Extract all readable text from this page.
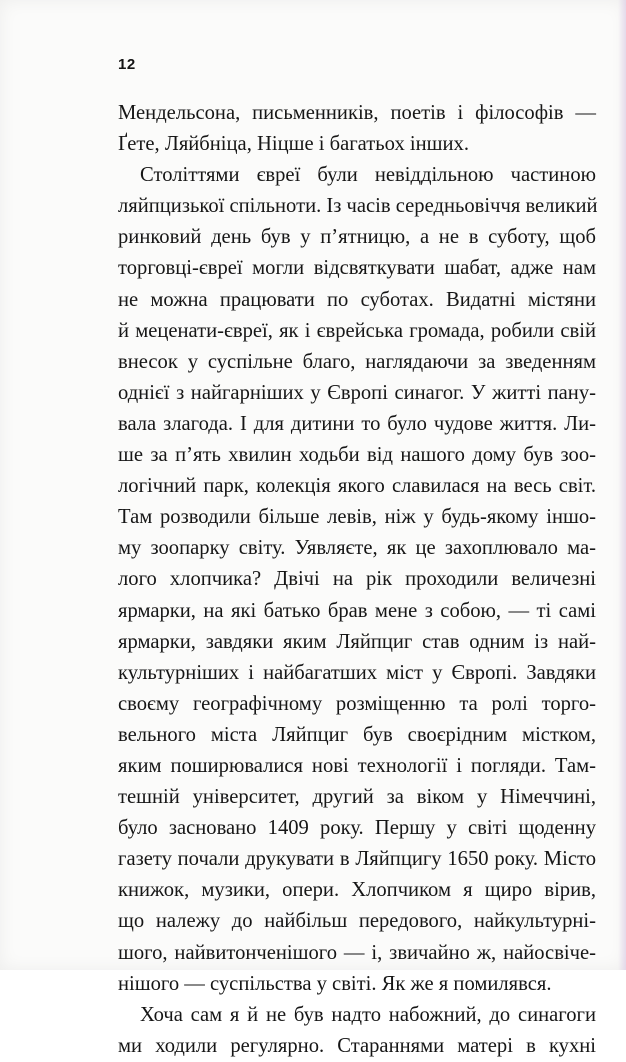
12
Мендельсона, письменників, поетів і філософів —
Ґете, Ляйбніца, Ніцше і багатьох інших.
Століттями євреї були невіддільною частиною
ляйпцизької спільноти. Із часів середньовіччя великий
ринковий день був у п’ятницю, а не в суботу, щоб
торговці-євреї могли відсвяткувати шабат, адже нам
не можна працювати по суботах. Видатні містяни
й меценати-євреї, як і єврейська громада, робили свій
внесок у суспільне благо, наглядаючи за зведенням
однієї з найгарніших у Європі синагог. У житті пану-
вала злагода. І для дитини то було чудове життя. Ли-
ше за п’ять хвилин ходьби від нашого дому був зоо-
логічний парк, колекція якого славилася на весь світ.
Там розводили більше левів, ніж у будь-якому іншо-
му зоопарку світу. Уявляєте, як це захоплювало ма-
лого хлопчика? Двічі на рік проходили величезні
ярмарки, на які батько брав мене з собою, — ті самі
ярмарки, завдяки яким Ляйпциг став одним із най-
культурніших і найбагатших міст у Європі. Завдяки
своєму географічному розміщенню та ролі торго-
вельного міста Ляйпциг був своєрідним містком,
яким поширювалися нові технології і погляди. Там-
тешній університет, другий за віком у Німеччині,
було засновано 1409 року. Першу у світі щоденну
газету почали друкувати в Ляйпцигу 1650 року. Місто
книжок, музики, опери. Хлопчиком я щиро вірив,
що належу до найбільш передового, найкультурні-
шого, найвитонченішого — і, звичайно ж, найосвіче-
нішого — суспільства у світі. Як же я помилявся.
Хоча сам я й не був надто набожний, до синагоги
ми ходили регулярно. Стараннями матері в кухні
